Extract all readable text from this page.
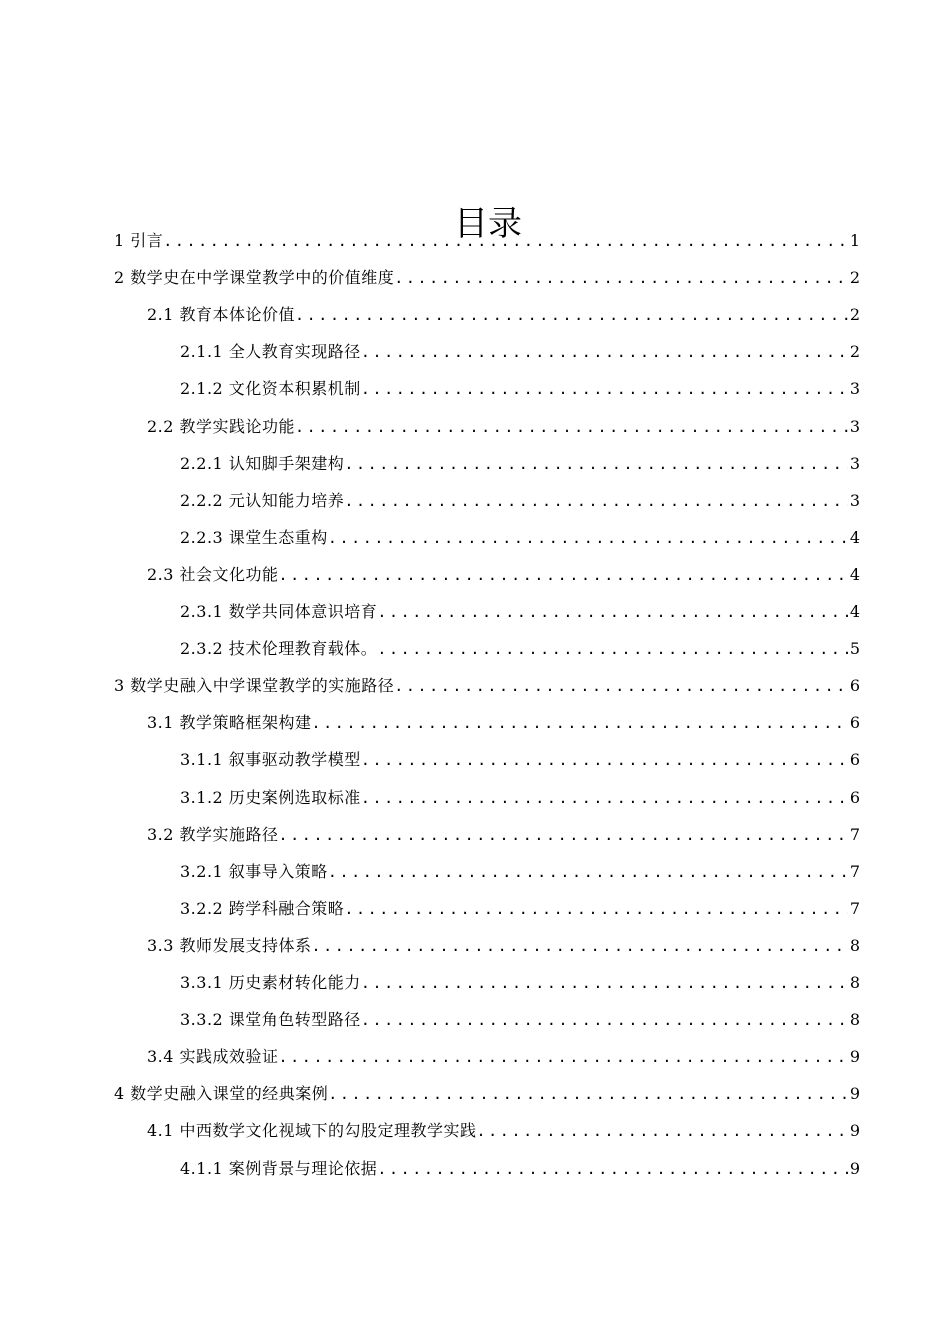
目录
1 引言 .....	1
2 数学史在中学课堂教学中的价值维度 .....	2
2.1 教育本体论价值 .....	2
2.1.1 全人教育实现路径 .....	2
2.1.2 文化资本积累机制 .....	3
2.2 教学实践论功能 .....	3
2.2.1 认知脚手架建构 .....	3
2.2.2 元认知能力培养 .....	3
2.2.3 课堂生态重构 .....	4
2.3 社会文化功能 .....	4
2.3.1 数学共同体意识培育 .....	4
2.3.2 技术伦理教育载体。 .....	5
3 数学史融入中学课堂教学的实施路径 .....	6
3.1 教学策略框架构建 .....	6
3.1.1 叙事驱动教学模型 .....	6
3.1.2 历史案例选取标准 .....	6
3.2 教学实施路径 .....	7
3.2.1 叙事导入策略 .....	7
3.2.2 跨学科融合策略 .....	7
3.3 教师发展支持体系 .....	8
3.3.1 历史素材转化能力 .....	8
3.3.2 课堂角色转型路径 .....	8
3.4 实践成效验证 .....	9
4 数学史融入课堂的经典案例 .....	9
4.1 中西数学文化视域下的勾股定理教学实践 .....	9
4.1.1 案例背景与理论依据 .....	9
